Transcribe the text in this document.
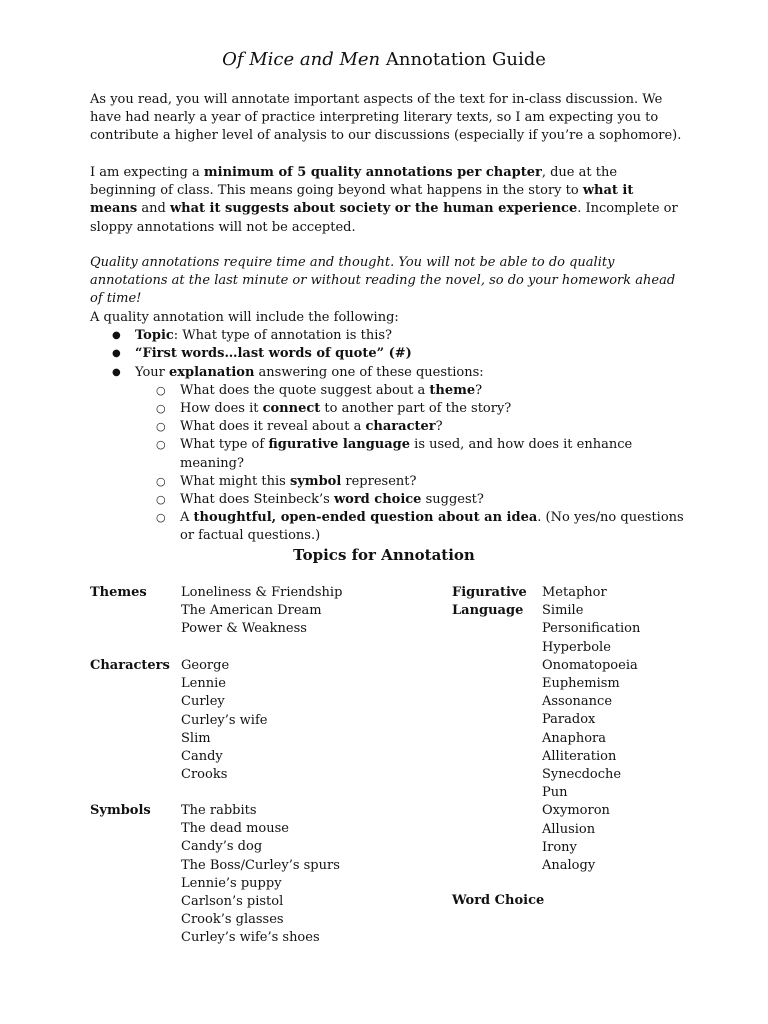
Of Mice and Men Annotation Guide

As you read, you will annotate important aspects of the text for in-class discussion. We have had nearly a year of practice interpreting literary texts, so I am expecting you to contribute a higher level of analysis to our discussions (especially if you’re a sophomore).

I am expecting a minimum of 5 quality annotations per chapter, due at the beginning of class. This means going beyond what happens in the story to what it means and what it suggests about society or the human experience. Incomplete or sloppy annotations will not be accepted.

Quality annotations require time and thought. You will not be able to do quality annotations at the last minute or without reading the novel, so do your homework ahead of time!

A quality annotation will include the following:

● Topic: What type of annotation is this?
● “First words…last words of quote” (#)
● Your explanation answering one of these questions:
○ What does the quote suggest about a theme?
○ How does it connect to another part of the story?
○ What does it reveal about a character?
○ What type of figurative language is used, and how does it enhance meaning?
○ What might this symbol represent?
○ What does Steinbeck’s word choice suggest?
○ A thoughtful, open-ended question about an idea. (No yes/no questions or factual questions.)
Topics for Annotation
Themes	Loneliness & Friendship
The American Dream
Power & Weakness
Characters George
Lennie
Curley
Curley’s wife
Slim
Candy
Crooks
Symbols The rabbits
The dead mouse
Candy’s dog
The Boss/Curley’s spurs
Lennie’s puppy
Carlson’s pistol
Crook’s glasses
Curley’s wife’s shoes
Figurative
Language
Metaphor
Simile
Personification
Hyperbole
Onomatopoeia
Euphemism
Assonance
Paradox
Anaphora
Alliteration
Synecdoche
Pun
Oxymoron
Allusion
Irony
Analogy
Word Choice
